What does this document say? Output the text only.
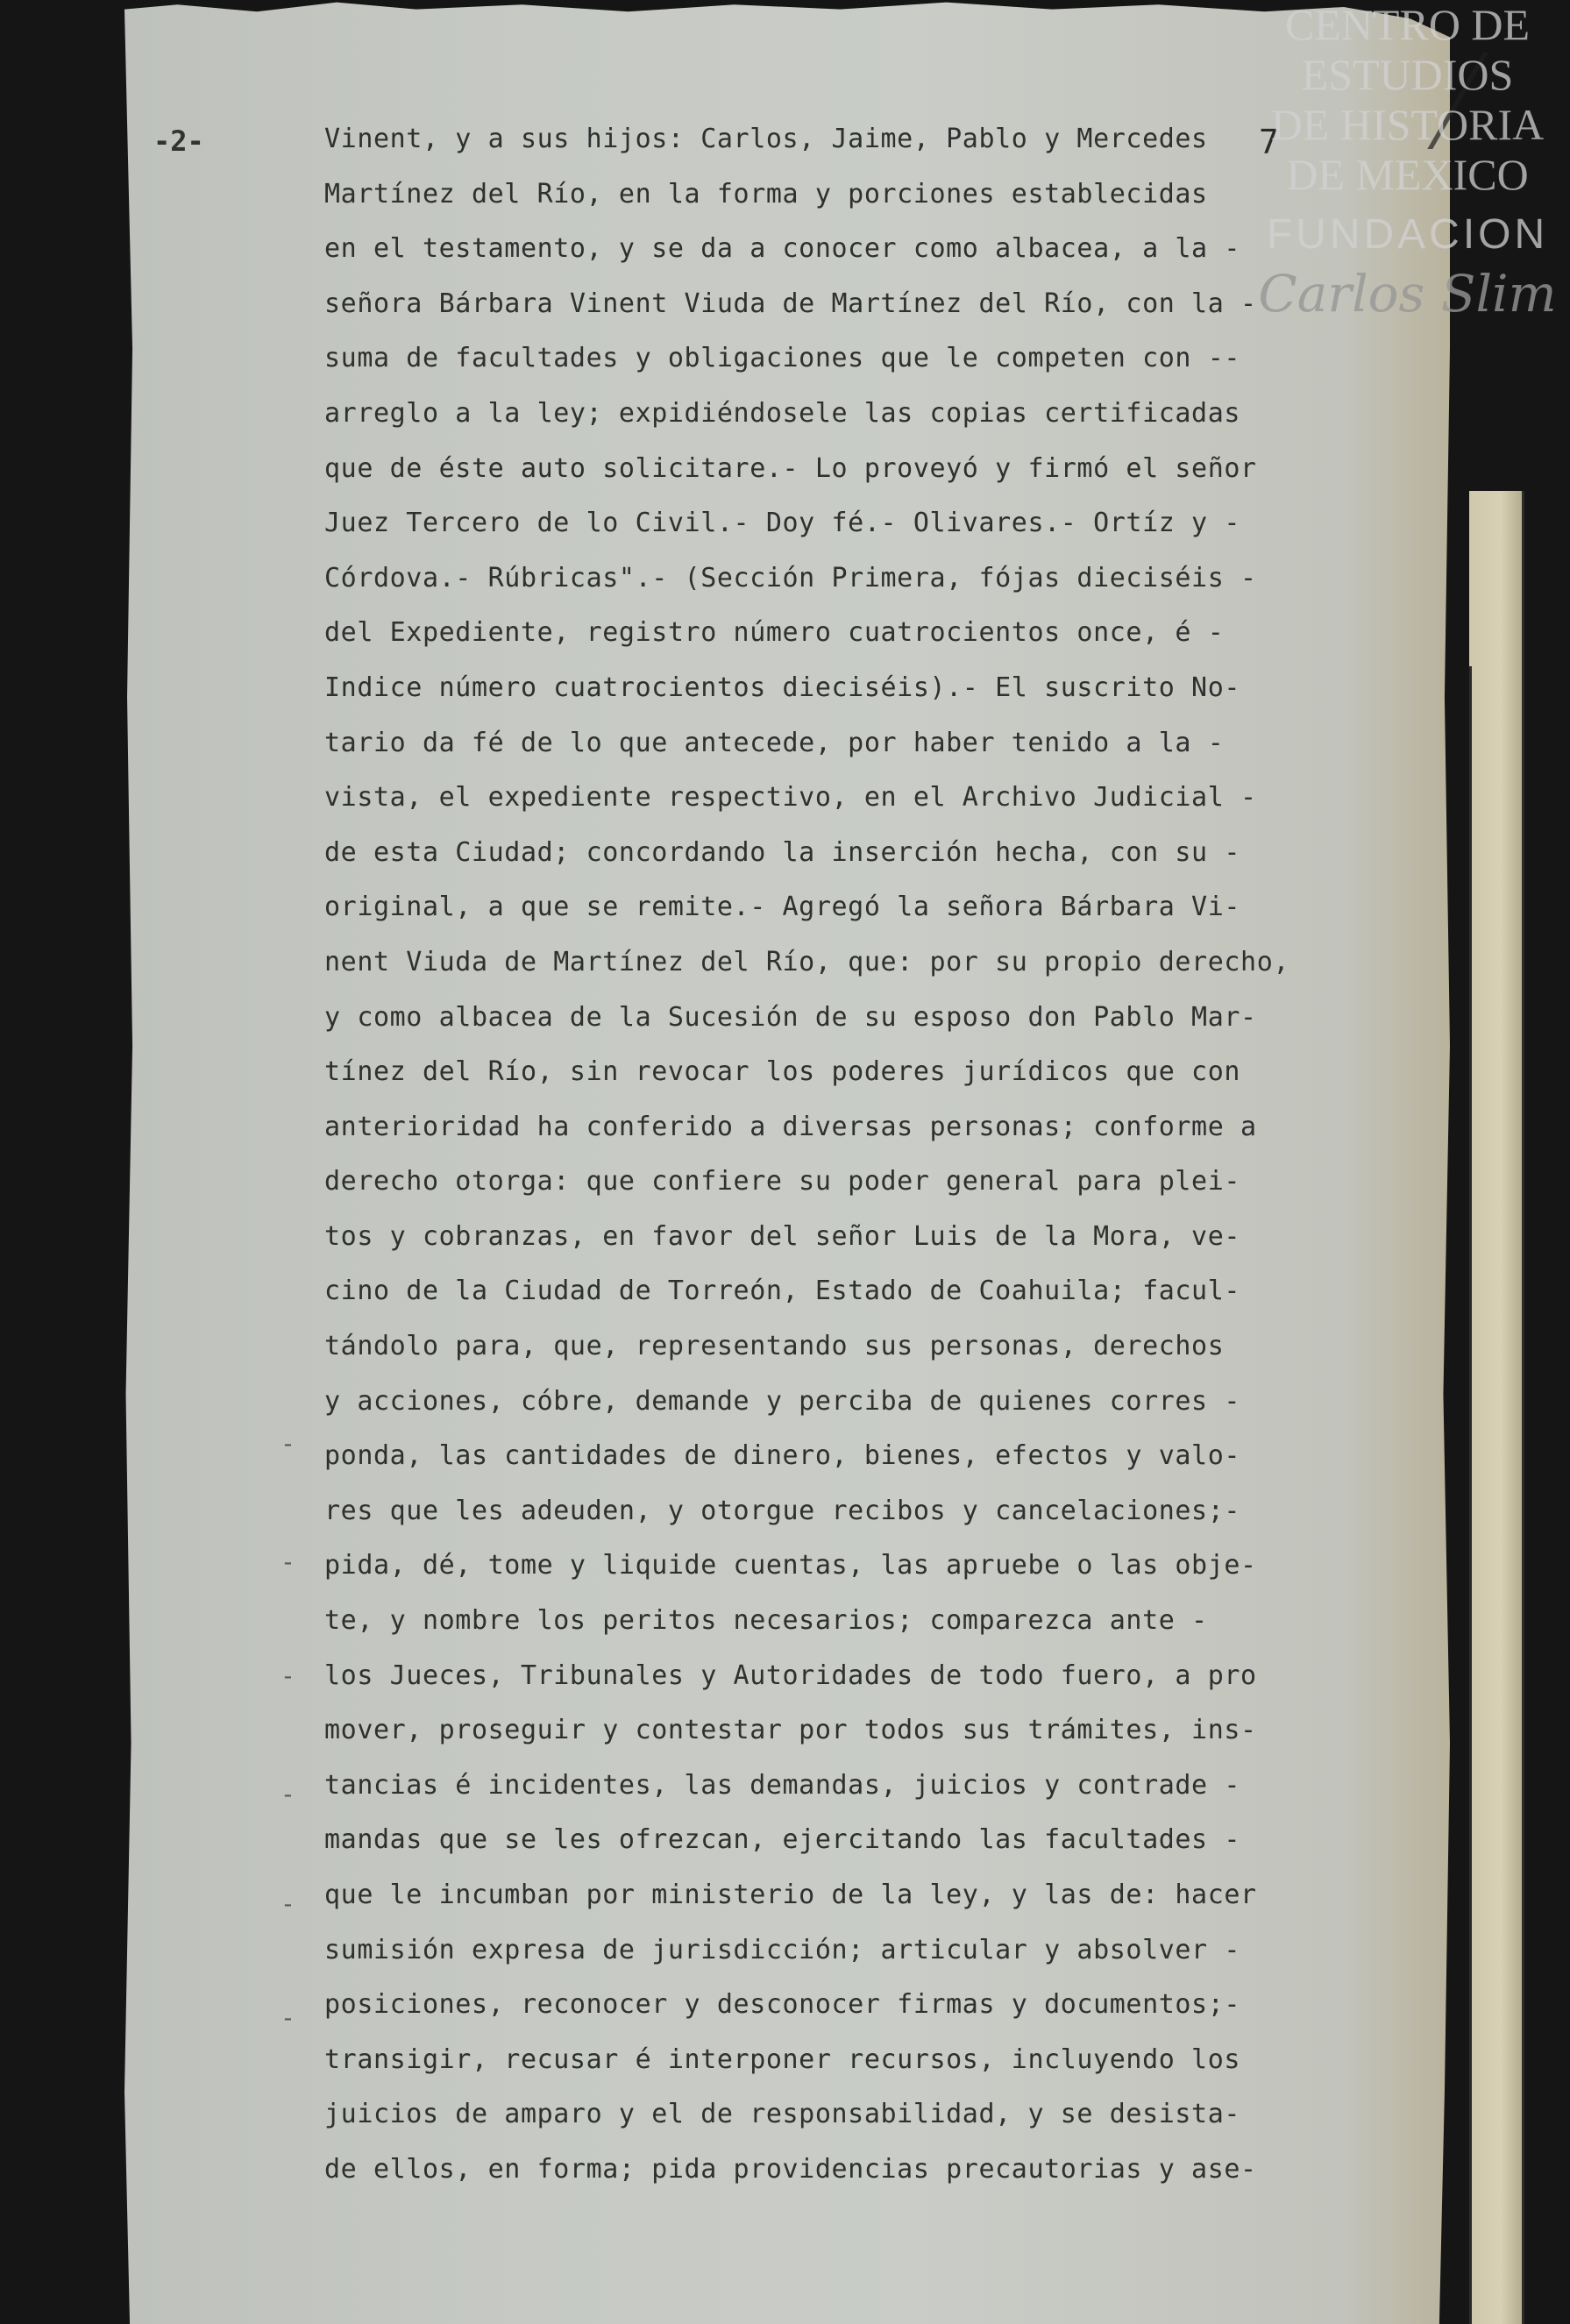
-2-	7
-
-
-
-
-
-
Vinent, y a sus hijos: Carlos, Jaime, Pablo y Mercedes
Martínez del Río, en la forma y porciones establecidas
en el testamento, y se da a conocer como albacea, a la -
señora Bárbara Vinent Viuda de Martínez del Río, con la -
suma de facultades y obligaciones que le competen con --
arreglo a la ley; expidiéndosele las copias certificadas
que de éste auto solicitare.- Lo proveyó y firmó el señor
Juez Tercero de lo Civil.- Doy fé.- Olivares.- Ortíz y -
Córdova.- Rúbricas".- (Sección Primera, fójas dieciséis -
del Expediente, registro número cuatrocientos once, é -
Indice número cuatrocientos dieciséis).- El suscrito No-
tario da fé de lo que antecede, por haber tenido a la -
vista, el expediente respectivo, en el Archivo Judicial -
de esta Ciudad; concordando la inserción hecha, con su -
original, a que se remite.- Agregó la señora Bárbara Vi-
nent Viuda de Martínez del Río, que: por su propio derecho,
y como albacea de la Sucesión de su esposo don Pablo Mar-
tínez del Río, sin revocar los poderes jurídicos que con
anterioridad ha conferido a diversas personas; conforme a
derecho otorga: que confiere su poder general para plei-
tos y cobranzas, en favor del señor Luis de la Mora, ve-
cino de la Ciudad de Torreón, Estado de Coahuila; facul-
tándolo para, que, representando sus personas, derechos
y acciones, cóbre, demande y perciba de quienes corres -
ponda, las cantidades de dinero, bienes, efectos y valo-
res que les adeuden, y otorgue recibos y cancelaciones;-
pida, dé, tome y liquide cuentas, las apruebe o las obje-
te, y nombre los peritos necesarios; comparezca ante -
los Jueces, Tribunales y Autoridades de todo fuero, a pro
mover, proseguir y contestar por todos sus trámites, ins-
tancias é incidentes, las demandas, juicios y contrade -
mandas que se les ofrezcan, ejercitando las facultades -
que le incumban por ministerio de la ley, y las de: hacer
sumisión expresa de jurisdicción; articular y absolver -
posiciones, reconocer y desconocer firmas y documentos;-
transigir, recusar é interponer recursos, incluyendo los
juicios de amparo y el de responsabilidad, y se desista-
de ellos, en forma; pida providencias precautorias y ase-
CENTRO DE
ESTUDIOS
DE HISTORIA
DE MEXICO
FUNDACION
Carlos Slim
